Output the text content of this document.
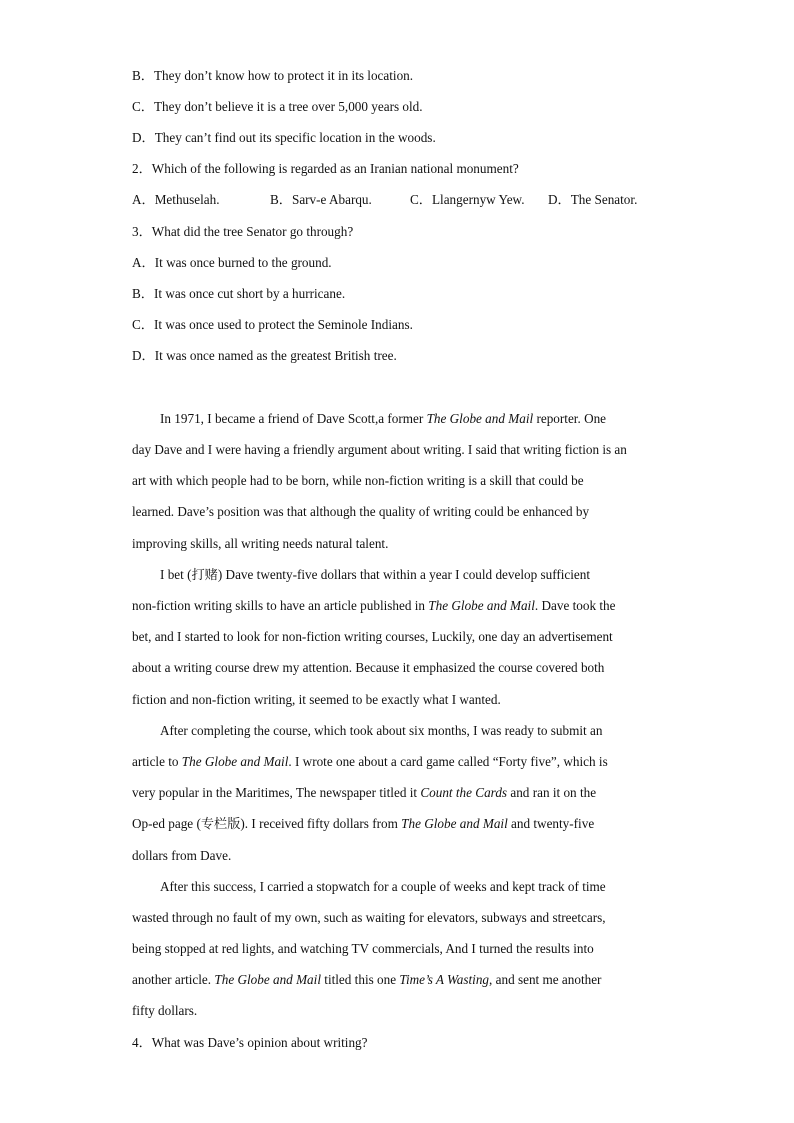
B．They don’t know how to protect it in its location.
C．They don’t believe it is a tree over 5,000 years old.
D．They can’t find out its specific location in the woods.
2．Which of the following is regarded as an Iranian national monument?
A．Methuselah.	B．Sarv-e Abarqu.	C．Llangernyw Yew. D．The Senator.
3．What did the tree Senator go through?
A．It was once burned to the ground.
B．It was once cut short by a hurricane.
C．It was once used to protect the Seminole Indians.
D．It was once named as the greatest British tree.
In 1971, I became a friend of Dave Scott,a former The Globe and Mail reporter. One
day Dave and I were having a friendly argument about writing. I said that writing fiction is an
art with which people had to be born, while non-fiction writing is a skill that could be
learned. Dave’s position was that although the quality of writing could be enhanced by
improving skills, all writing needs natural talent.
I bet (打赌) Dave twenty-five dollars that within a year I could develop sufficient
non-fiction writing skills to have an article published in The Globe and Mail. Dave took the
bet, and I started to look for non-fiction writing courses, Luckily, one day an advertisement
about a writing course drew my attention. Because it emphasized the course covered both
fiction and non-fiction writing, it seemed to be exactly what I wanted.
After completing the course, which took about six months, I was ready to submit an
article to The Globe and Mail. I wrote one about a card game called “Forty five”, which is
very popular in the Maritimes, The newspaper titled it Count the Cards and ran it on the
Op-ed page (专栏版). I received fifty dollars from The Globe and Mail and twenty-five
dollars from Dave.
After this success, I carried a stopwatch for a couple of weeks and kept track of time
wasted through no fault of my own, such as waiting for elevators, subways and streetcars,
being stopped at red lights, and watching TV commercials, And I turned the results into
another article. The Globe and Mail titled this one Time’s A Wasting, and sent me another
fifty dollars.
4．What was Dave’s opinion about writing?
